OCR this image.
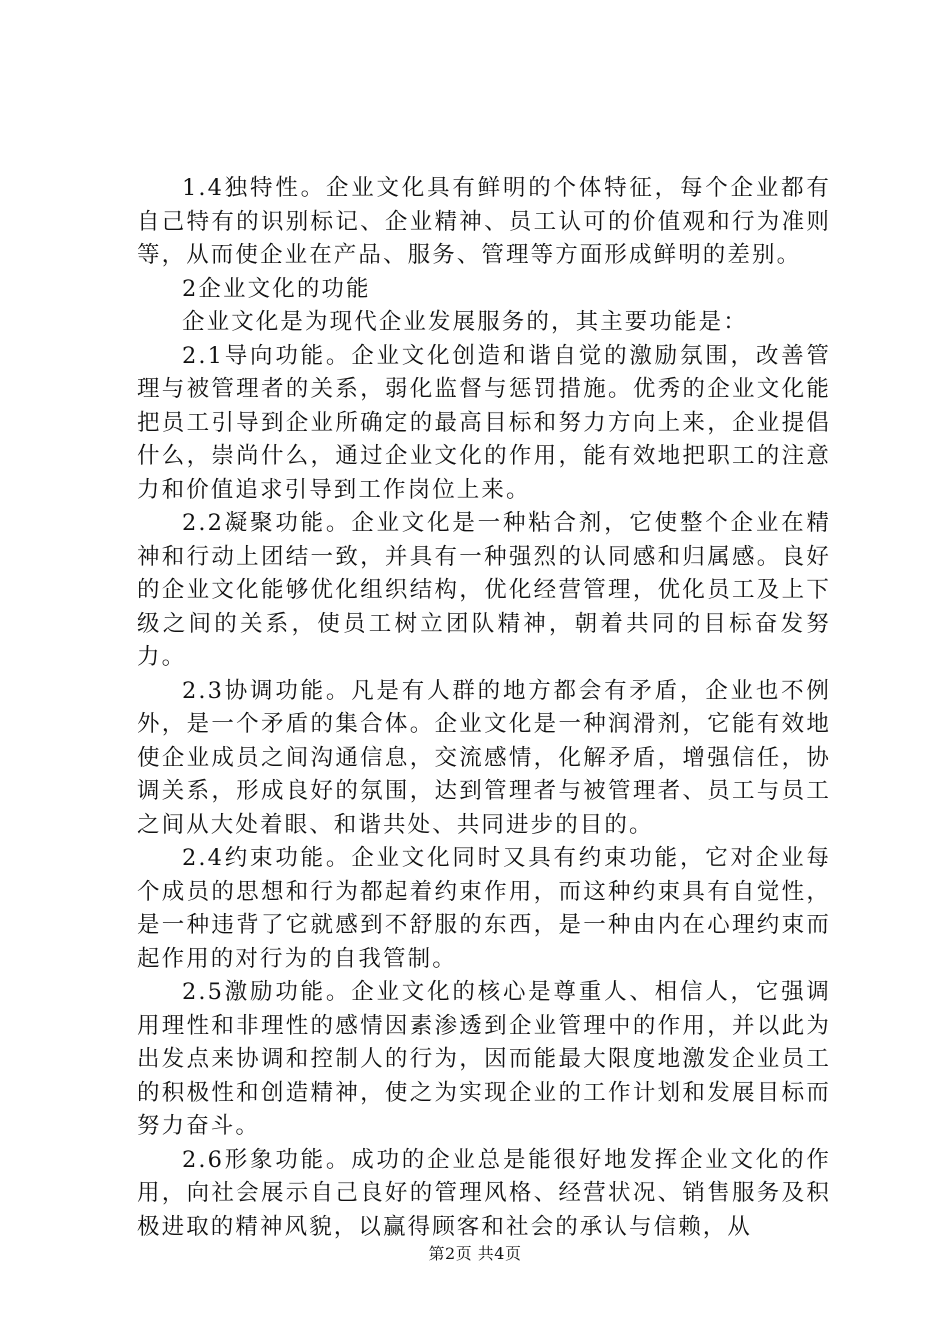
1.4独特性。企业文化具有鲜明的个体特征，每个企业都有自己特有的识别标记、企业精神、员工认可的价值观和行为准则等，从而使企业在产品、服务、管理等方面形成鲜明的差别。

2企业文化的功能

企业文化是为现代企业发展服务的，其主要功能是：

2.1导向功能。企业文化创造和谐自觉的激励氛围，改善管理与被管理者的关系，弱化监督与惩罚措施。优秀的企业文化能把员工引导到企业所确定的最高目标和努力方向上来，企业提倡什么，崇尚什么，通过企业文化的作用，能有效地把职工的注意力和价值追求引导到工作岗位上来。

2.2凝聚功能。企业文化是一种粘合剂，它使整个企业在精神和行动上团结一致，并具有一种强烈的认同感和归属感。良好的企业文化能够优化组织结构，优化经营管理，优化员工及上下级之间的关系，使员工树立团队精神，朝着共同的目标奋发努力。

2.3协调功能。凡是有人群的地方都会有矛盾，企业也不例外，是一个矛盾的集合体。企业文化是一种润滑剂，它能有效地使企业成员之间沟通信息，交流感情，化解矛盾，增强信任，协调关系，形成良好的氛围，达到管理者与被管理者、员工与员工之间从大处着眼、和谐共处、共同进步的目的。

2.4约束功能。企业文化同时又具有约束功能，它对企业每个成员的思想和行为都起着约束作用，而这种约束具有自觉性，是一种违背了它就感到不舒服的东西，是一种由内在心理约束而起作用的对行为的自我管制。

2.5激励功能。企业文化的核心是尊重人、相信人，它强调用理性和非理性的感情因素渗透到企业管理中的作用，并以此为出发点来协调和控制人的行为，因而能最大限度地激发企业员工的积极性和创造精神，使之为实现企业的工作计划和发展目标而努力奋斗。

2.6形象功能。成功的企业总是能很好地发挥企业文化的作用，向社会展示自己良好的管理风格、经营状况、销售服务及积极进取的精神风貌，以赢得顾客和社会的承认与信赖，从

第2页 共4页
